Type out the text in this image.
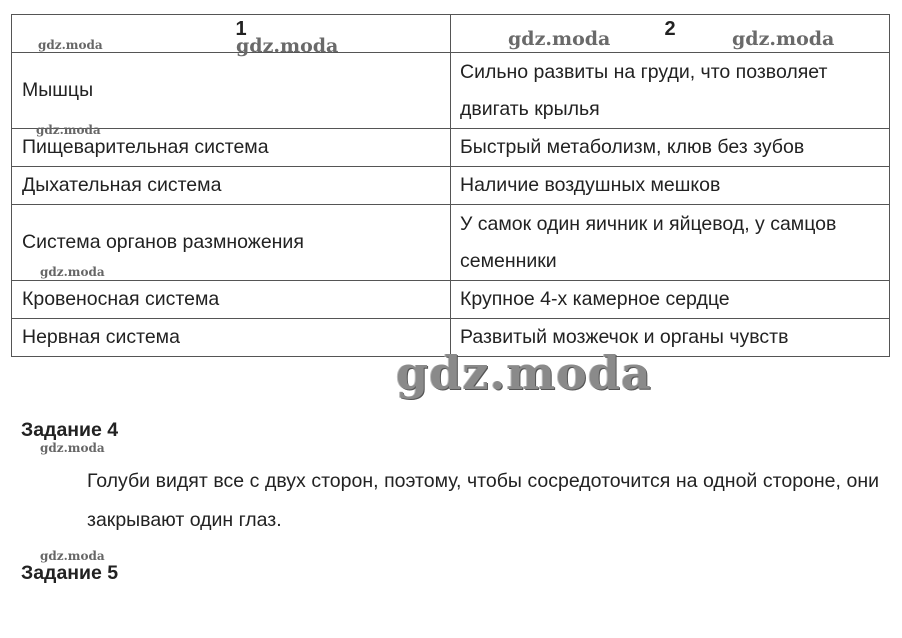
1	2

Мышцы	Сильно развиты на груди, что позволяет двигать крылья
Пищеварительная система	Быстрый метаболизм, клюв без зубов
Дыхательная система	Наличие воздушных мешков
Система органов размножения	У самок один яичник и яйцевод, у самцов семенники
Кровеносная система	Крупное 4-х камерное сердце
Нервная система	Развитый мозжечок и органы чувств
gdz.moda	gdz.moda	gdz.moda	gdz.moda
gdz.moda
gdz.moda
gdz.moda
gdz.moda
gdz.moda
Задание 4
Голуби видят все с двух сторон, поэтому, чтобы сосредоточится на одной стороне, они закрывают один глаз.
Задание 5
